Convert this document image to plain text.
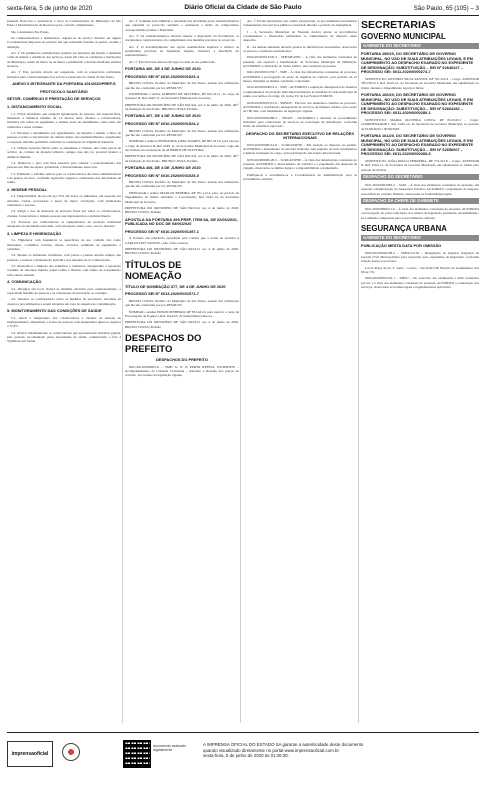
sexta-feira, 5 de junho de 2020	Diário Oficial da Cidade de São Paulo	São Paulo, 65 (105) – 3

presente Protocolo e estabelecer a troca as Comissariados do Município de São Paulo e Movimentação de Recursos para o devido cumprimento.

São a Assinatura Eas Partes.

Os comissionadores e animadores, registra-se de serviço deverão ser alguns Coordenadores impostos no período em que estiverem fazendo as partes, excluir a distinção.

Art. 3º Os parâmetros estabelecidos poderão ser alterados em função a demanda a fim de manter a eficiência dos serviços, tendo em vista as condições e instalações do Município, sendo de maior ou de maior e permitindo a decisão mediante estudos técnicos.

Art. 5º Esta portaria deverá ser respeitada, com as respectivas atividades, inclusive para o funcionamento dos serviços essenciais da cidade de São Paulo.

ANEXO II INTEGRANTE DA PORTARIA 401/2020/PREF.G
PROTOCOLO SANITÁRIO
SETOR: COMÉRCIO E PRESTAÇÃO DE SERVIÇOS
1. DISTANCIAMENTO SOCIAL

1.1. Evitar atividades que ensejem aglomeração de pessoas, em especial filas, mantendo a distância mínima de 1,5 metros entre clientes e colaboradores, inclusive em caixas de pagamento e demais áreas de atendimento, bem como em refeitórios e áreas comuns.

1.2. Priorizar o atendimento por agendamento, de maneira a reduzir o fluxo de pessoas e evitar a concentração de clientes dentro dos estabelecimentos, respeitando a ocupação máxima permitida conforme as orientações da Vigilância Sanitária.

1.3. Utilizar barreiras físicas entre os atendentes e clientes, tais como placas de acrílico ou cortinas de material plástico, sempre que não for possível manter a distância mínima.

1.4. Demarcar o piso com fitas adesivas para orientar o posicionamento das pessoas nas filas de espera, garantindo o distanciamento entre elas.

1.5. Estimular o trabalho remoto para os colaboradores das áreas administrativas e de grupos de risco, conforme legislação vigente e orientações das autoridades de saúde.

2. HIGIENE PESSOAL

2.1. Disponibilizar álcool em gel 70% em todos os ambientes, em especial nas entradas, caixas, provadores e áreas de maior circulação, com sinalização orientando o seu uso.

2.2. Exigir o uso de máscaras de proteção facial por todos os colaboradores, clientes, fornecedores e demais pessoas que ingressarem no estabelecimento.

2.3. Fornecer aos colaboradores os equipamentos de proteção individual adequados às atividades exercidas, com orientação sobre o uso, troca e descarte.

3. LIMPEZA E HIGIENIZAÇÃO

3.1. Higienizar com frequência as superfícies de uso comum, tais como maçanetas, corrimãos, balcões, mesas, teclados, terminais de pagamento e carrinhos.

3.2. Manter os ambientes ventilados, com portas e janelas abertas sempre que possível, e realizar a manutenção periódica dos sistemas de ar condicionado.

3.3. Intensificar a limpeza dos sanitários e vestiários, assegurando a reposição contínua de sabonete líquido, papel toalha e lixeiras com tampa de acionamento sem contato manual.

4. COMUNICAÇÃO

4.1. Divulgar em local visível as medidas adotadas pelo estabelecimento, a capacidade máxima de pessoas e as orientações de prevenção ao contágio.

4.2. Orientar os colaboradores sobre as medidas de prevenção, sintomas da doença e procedimentos a serem adotados em caso de suspeita de contaminação.

5. MONITORAMENTO DAS CONDIÇÕES DE SAÚDE

5.1. Aferir a temperatura dos colaboradores e clientes na entrada do estabelecimento, impedindo o acesso de pessoas com temperatura igual ou superior a 37,8ºC.

5.2. Afastar imediatamente os colaboradores que apresentarem sintomas gripais, pelo período recomendado pelas autoridades de saúde, comunicando o fato à Vigilância em Saúde.

Art. 2º Somente será admitida a retomada das atividades pelos estabelecimentos que aderirem ao protocolo sanitário e assinarem o termo de compromisso correspondente perante a Prefeitura.

Art. 3º Os estabelecimentos deverão manter à disposição da fiscalização os documentos comprobatórios do cumprimento das medidas previstas no protocolo.

Art. 4º O descumprimento das regras estabelecidas sujeitará o infrator às penalidades previstas na legislação vigente, inclusive a interdição do estabelecimento.

Art. 5º Esta Portaria entrará em vigor na data de sua publicação.

PORTARIA 406, DE 4 DE JUNHO DE 2020
PROCESSO SEI Nº 6010.2020/0001523-4

BRUNO COVAS, Prefeito do Município de São Paulo, usando das atribuições que lhe são conferidas por lei, RESOLVE:

EXONERAR o senhor ALBERTO DE OLIVEIRA, RF 601.221.1, do cargo de Assessor II, Ref. DAS-11, da Secretaria Municipal de Governo.

PREFEITURA DO MUNICÍPIO DE SÃO PAULO, aos 4 de junho de 2020, 467º da fundação de São Paulo. BRUNO COVAS, Prefeito

PORTARIA 407, DE 4 DE JUNHO DE 2020
PROCESSO SEI Nº 6010.2020/0001524-2

BRUNO COVAS, Prefeito do Município de São Paulo, usando das atribuições que lhe são conferidas por lei, RESOLVE:

NOMEAR a senhora FERNANDA LIMA SOARES, RF 887.431.6, para exercer o cargo de Assessor II, Ref. DAS-11, da Secretaria Municipal de Governo, vago em decorrência da exoneração de ALBERTO DE OLIVEIRA.

PREFEITURA DO MUNICÍPIO DE SÃO PAULO, aos 4 de junho de 2020, 467º da fundação de São Paulo. BRUNO COVAS, Prefeito

PORTARIA 408, DE 4 DE JUNHO DE 2020
PROCESSO SEI Nº 6010.2020/0001525-0

BRUNO COVAS, Prefeito do Município de São Paulo, usando das atribuições que lhe são conferidas por lei, RESOLVE:

DESIGNAR o senhor MARCOS PEREIRA, RF 701.112.4, para, no período de impedimento do titular, substituir o Coordenador, Ref. DAS-14, da Secretaria Municipal de Governo.

PREFEITURA DO MUNICÍPIO DE SÃO PAULO, aos 4 de junho de 2020. BRUNO COVAS, Prefeito

APOSTILA DA PORTARIA 399-PREF, ITEM 5A, DE 02/06/2020, PUBLICADA NO DOC DE 03/06/2020
PROCESSO SEI Nº 6010.2020/0001497-1

À Portaria em referência apostilada para constar que o nome do servidor é CARLOS DOS SANTOS e não como constou.

PREFEITURA DO MUNICÍPIO DE SÃO PAULO, aos 4 de junho de 2020. BRUNO COVAS, Prefeito

TÍTULOS DE NOMEAÇÃO
TÍTULO DE NOMEAÇÃO 377, DE 4 DE JUNHO DE 2020
PROCESSO SEI Nº 6013.2020/0001571-7

BRUNO COVAS, Prefeito do Município de São Paulo, usando das atribuições que lhe são conferidas por lei, RESOLVE:

NOMEAR o senhor EDSON PINHEIRO, RF 832.441.0, para exercer o cargo de Encarregado de Equipe I, Ref. DAI-05, da Subprefeitura Mooca.

PREFEITURA DO MUNICÍPIO DE SÃO PAULO, aos 4 de junho de 2020. BRUNO COVAS, Prefeito

DESPACHOS DO PREFEITO
DESPACHOS DO PREFEITO

6021.2019/0049815-6 – SME/ G. E. P. PINHO REFEGI. INCIDENTE – Acompanhamento da Cláusula Contratual – Autorizo a Revisão dos preços do contrato, nos termos da legislação vigente.

Art. 1º Ficam autorizados, em caráter excepcional, os procedimentos necessários à manutenção dos serviços públicos essenciais durante o período de emergência.

I - A Secretaria Municipal da Fazenda deverá adotar as providências orçamentárias e financeiras pertinentes ao cumprimento do disposto neste despacho.

II - As demais unidades deverão prestar as informações necessárias, observados os prazos e condições estabelecidos.

6016.2020/0013545-3 - SEHAB/ATEC - À vista dos elementos constantes do presente, em especial a manifestação da Secretaria Municipal de Habitação, AUTORIZO a celebração do termo aditivo, nas condições propostas.

6021.2020/0015233-7 - SME - À vista das informações constantes do processo, AUTORIZO a prorrogação do prazo de vigência do contrato, pelo período de 12 meses, mantidas as demais condições contratuais.

6012.2020/0004874-2 - SMS - AUTORIZO a aquisição emergencial de insumos e equipamentos de proteção individual destinados às unidades da rede municipal de saúde, nos termos do artigo 24, inciso IV, da Lei Federal 8.666/93.

6018.2020/0025515-9 - SMSUB - Em face dos elementos contidos no processo, AUTORIZO a contratação emergencial de serviços de limpeza urbana, pelo prazo de 180 dias, com fundamento na legislação vigente.

6015.2020/0002286-5 - SEGES - AUTORIZO a abertura de procedimento licitatório para contratação de serviços de tecnologia da informação, conforme termo de referência aprovado.

DESPACHO DO SECRETÁRIO EXECUTIVO DE RELAÇÕES INTERNACIONAIS

6070.2020/0000114-8 – SCRI/ASSESP – Em atenção ao disposto no pedido, AUTORIZO o afastamento do servidor indicado, sem prejuízo de seus vencimentos e demais vantagens do cargo, para participação em evento internacional.

6070.2020/0000120-2 – SCRI/ASSESP – À vista das informações constantes no presente, AUTORIZO o deslocamento da comitiva e o pagamento das despesas de viagem, observados os limites legais e a disponibilidade orçamentária.

Publique-se e encaminhe-se à Coordenadoria de Administração para as providências cabíveis.

SECRETARIAS
GOVERNO MUNICIPAL
GABINETE DO SECRETÁRIO
PORTARIA 159/20, DO SECRETÁRIO DE GOVERNO MUNICIPAL, NO USO DE SUAS ATRIBUIÇÕES LEGAIS, E EM CUMPRIMENTO AO DESPACHO EXARADO NO EXPEDIENTE DE DESIGNAÇÃO: SUBSTITUIÇÃO – SEI Nº 62646227 – PROCESSO SEI: 6011.2020/0000274-7

SUBSTITUTO: ANTONIO SILVA SANTOS, RF 701.322.4 – Cargo: ASSESSOR TÉCNICO I, Ref. DAS-12, da Secretaria de Governo Municipal, em substituição ao titular, durante o impedimento legal por férias.

PORTARIA 160/20, DO SECRETÁRIO DE GOVERNO MUNICIPAL, NO USO DE SUAS ATRIBUIÇÕES LEGAIS, E EM CUMPRIMENTO AO DESPACHO EXARADO NO EXPEDIENTE DE DESIGNAÇÃO: SUBSTITUIÇÃO – SEI Nº 62664282 – PROCESSO SEI: 6011.2020/0000280-1

SUBSTITUTO: MARIA OLIVEIRA COSTA, RF 812.045.3 – Cargo: COORDENADOR I, Ref. DAS-14, da Secretaria de Governo Municipal, no período de 01/06/2020 a 30/06/2020.

PORTARIA 161/20, DO SECRETÁRIO DE GOVERNO MUNICIPAL, NO USO DE SUAS ATRIBUIÇÕES LEGAIS, E EM CUMPRIMENTO AO DESPACHO EXARADO NO EXPEDIENTE DE DESIGNAÇÃO: SUBSTITUIÇÃO – SEI Nº 62656607 – PROCESSO SEI: 6011.2020/0000283-6

SUBSTITUTO: JOÃO PAULO FERREIRA, RF 774.321.8 – Cargo: ASSESSOR II, Ref. DAS-11, da Secretaria de Governo Municipal, em substituição ao titular pelo período de 20 dias.

DESPACHO DO SECRETÁRIO

6011.2019/0001983-2 – SGM – À vista dos elementos constantes do presente, em especial a manifestação da Assessoria Jurídica, AUTORIZO o pagamento da despesa, nos termos do contrato firmado, observadas as formalidades legais.

DESPACHO DA CHEFE DE GABINETE

6011.2020/0000211-9 – À vista dos elementos constantes do presente, AUTORIZO a prorrogação do prazo solicitado, nos termos da legislação pertinente, encaminhando-se à unidade competente para as providências cabíveis.

SEGURANÇA URBANA
GABINETE DO SECRETÁRIO
PUBLICAÇÃO MESTA DATA POR OMISSÃO

6029.2019/0004108-2 – SMSU/GCM – Designação do Inspetor Regional da Guarda Civil Metropolitana para responder pelo expediente da Inspetoria, conforme relação anexa ao processo.

Local: Praça da Sé, 2º andar – Centro – São Paulo/SP. Horário de atendimento: das 9h às 17h.

6029.2020/0001332-1 – SMSU – No exercício das atribuições a mim conferidas por lei, e à vista dos elementos constantes no presente, AUTORIZO a contratação dos serviços, observadas as normas legais e regulamentares aplicáveis.

imprensaoficial
documento assinado digitalmente
A IMPRENSA OFICIAL DO ESTADO SA garante a autenticidade deste documento
quando visualizado diretamente no portal www.imprensaoficial.com.br
sexta-feira, 5 de junho de 2020 às 01:26:30.
